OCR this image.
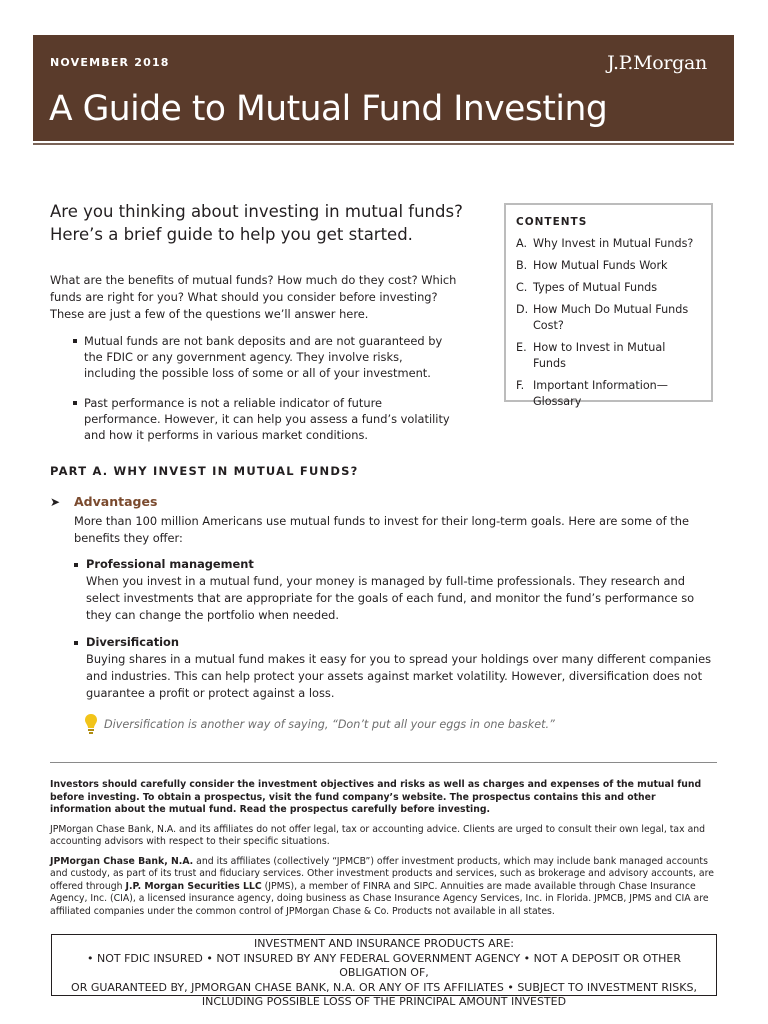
NOVEMBER 2018	J.P.Morgan
A Guide to Mutual Fund Investing

Are you thinking about investing in mutual funds?
Here’s a brief guide to help you get started.

What are the benefits of mutual funds? How much do they cost? Which funds are right for you? What should you consider before investing? These are just a few of the questions we’ll answer here.

Mutual funds are not bank deposits and are not guaranteed by the FDIC or any government agency. They involve risks, including the possible loss of some or all of your investment.
Past performance is not a reliable indicator of future performance. However, it can help you assess a fund’s volatility and how it performs in various market conditions.
CONTENTS
A. Why Invest in Mutual Funds?
B. How Mutual Funds Work
C. Types of Mutual Funds
D. How Much Do Mutual Funds Cost?
E. How to Invest in Mutual Funds
F. Important Information—Glossary
PART A. WHY INVEST IN MUTUAL FUNDS?
➤	Advantages
More than 100 million Americans use mutual funds to invest for their long-term goals. Here are some of the benefits they offer:
Professional management
When you invest in a mutual fund, your money is managed by full-time professionals. They research and select investments that are appropriate for the goals of each fund, and monitor the fund’s performance so they can change the portfolio when needed.
Diversification
Buying shares in a mutual fund makes it easy for you to spread your holdings over many different companies and industries. This can help protect your assets against market volatility. However, diversification does not guarantee a profit or protect against a loss.
Diversification is another way of saying, “Don’t put all your eggs in one basket.”

Investors should carefully consider the investment objectives and risks as well as charges and expenses of the mutual fund before investing. To obtain a prospectus, visit the fund company’s website. The prospectus contains this and other information about the mutual fund. Read the prospectus carefully before investing.

JPMorgan Chase Bank, N.A. and its affiliates do not offer legal, tax or accounting advice. Clients are urged to consult their own legal, tax and accounting advisors with respect to their specific situations.

JPMorgan Chase Bank, N.A. and its affiliates (collectively “JPMCB”) offer investment products, which may include bank managed accounts and custody, as part of its trust and fiduciary services. Other investment products and services, such as brokerage and advisory accounts, are offered through J.P. Morgan Securities LLC (JPMS), a member of FINRA and SIPC. Annuities are made available through Chase Insurance Agency, Inc. (CIA), a licensed insurance agency, doing business as Chase Insurance Agency Services, Inc. in Florida. JPMCB, JPMS and CIA are affiliated companies under the common control of JPMorgan Chase & Co. Products not available in all states.

INVESTMENT AND INSURANCE PRODUCTS ARE:
• NOT FDIC INSURED • NOT INSURED BY ANY FEDERAL GOVERNMENT AGENCY • NOT A DEPOSIT OR OTHER OBLIGATION OF,
OR GUARANTEED BY, JPMORGAN CHASE BANK, N.A. OR ANY OF ITS AFFILIATES • SUBJECT TO INVESTMENT RISKS,
INCLUDING POSSIBLE LOSS OF THE PRINCIPAL AMOUNT INVESTED
